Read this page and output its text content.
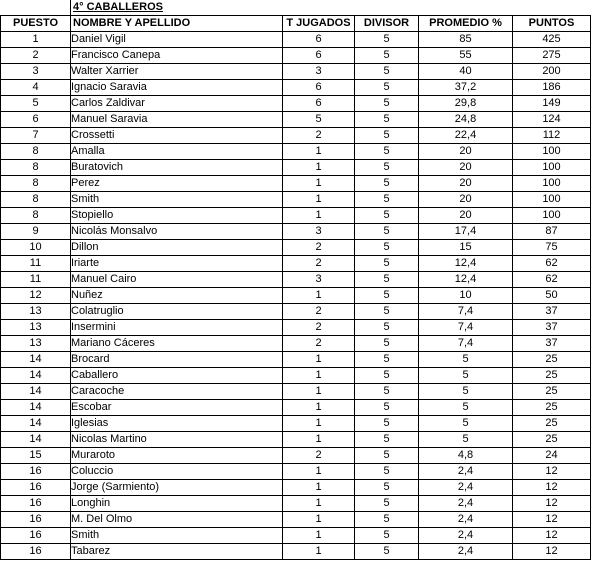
	4° CABALLEROS				
PUESTO	NOMBRE Y APELLIDO	T JUGADOS	DIVISOR	PROMEDIO %	PUNTOS
1	Daniel Vigil	6	5	85	425
2	Francisco Canepa	6	5	55	275
3	Walter Xarrier	3	5	40	200
4	Ignacio Saravia	6	5	37,2	186
5	Carlos Zaldivar	6	5	29,8	149
6	Manuel Saravia	5	5	24,8	124
7	Crossetti	2	5	22,4	112
8	Amalla	1	5	20	100
8	Buratovich	1	5	20	100
8	Perez	1	5	20	100
8	Smith	1	5	20	100
8	Stopiello	1	5	20	100
9	Nicolás Monsalvo	3	5	17,4	87
10	Dillon	2	5	15	75
11	Iriarte	2	5	12,4	62
11	Manuel Cairo	3	5	12,4	62
12	Nuñez	1	5	10	50
13	Colatruglio	2	5	7,4	37
13	Insermini	2	5	7,4	37
13	Mariano Cáceres	2	5	7,4	37
14	Brocard	1	5	5	25
14	Caballero	1	5	5	25
14	Caracoche	1	5	5	25
14	Escobar	1	5	5	25
14	Iglesias	1	5	5	25
14	Nicolas Martino	1	5	5	25
15	Muraroto	2	5	4,8	24
16	Coluccio	1	5	2,4	12
16	Jorge (Sarmiento)	1	5	2,4	12
16	Longhin	1	5	2,4	12
16	M. Del Olmo	1	5	2,4	12
16	Smith	1	5	2,4	12
16	Tabarez	1	5	2,4	12
